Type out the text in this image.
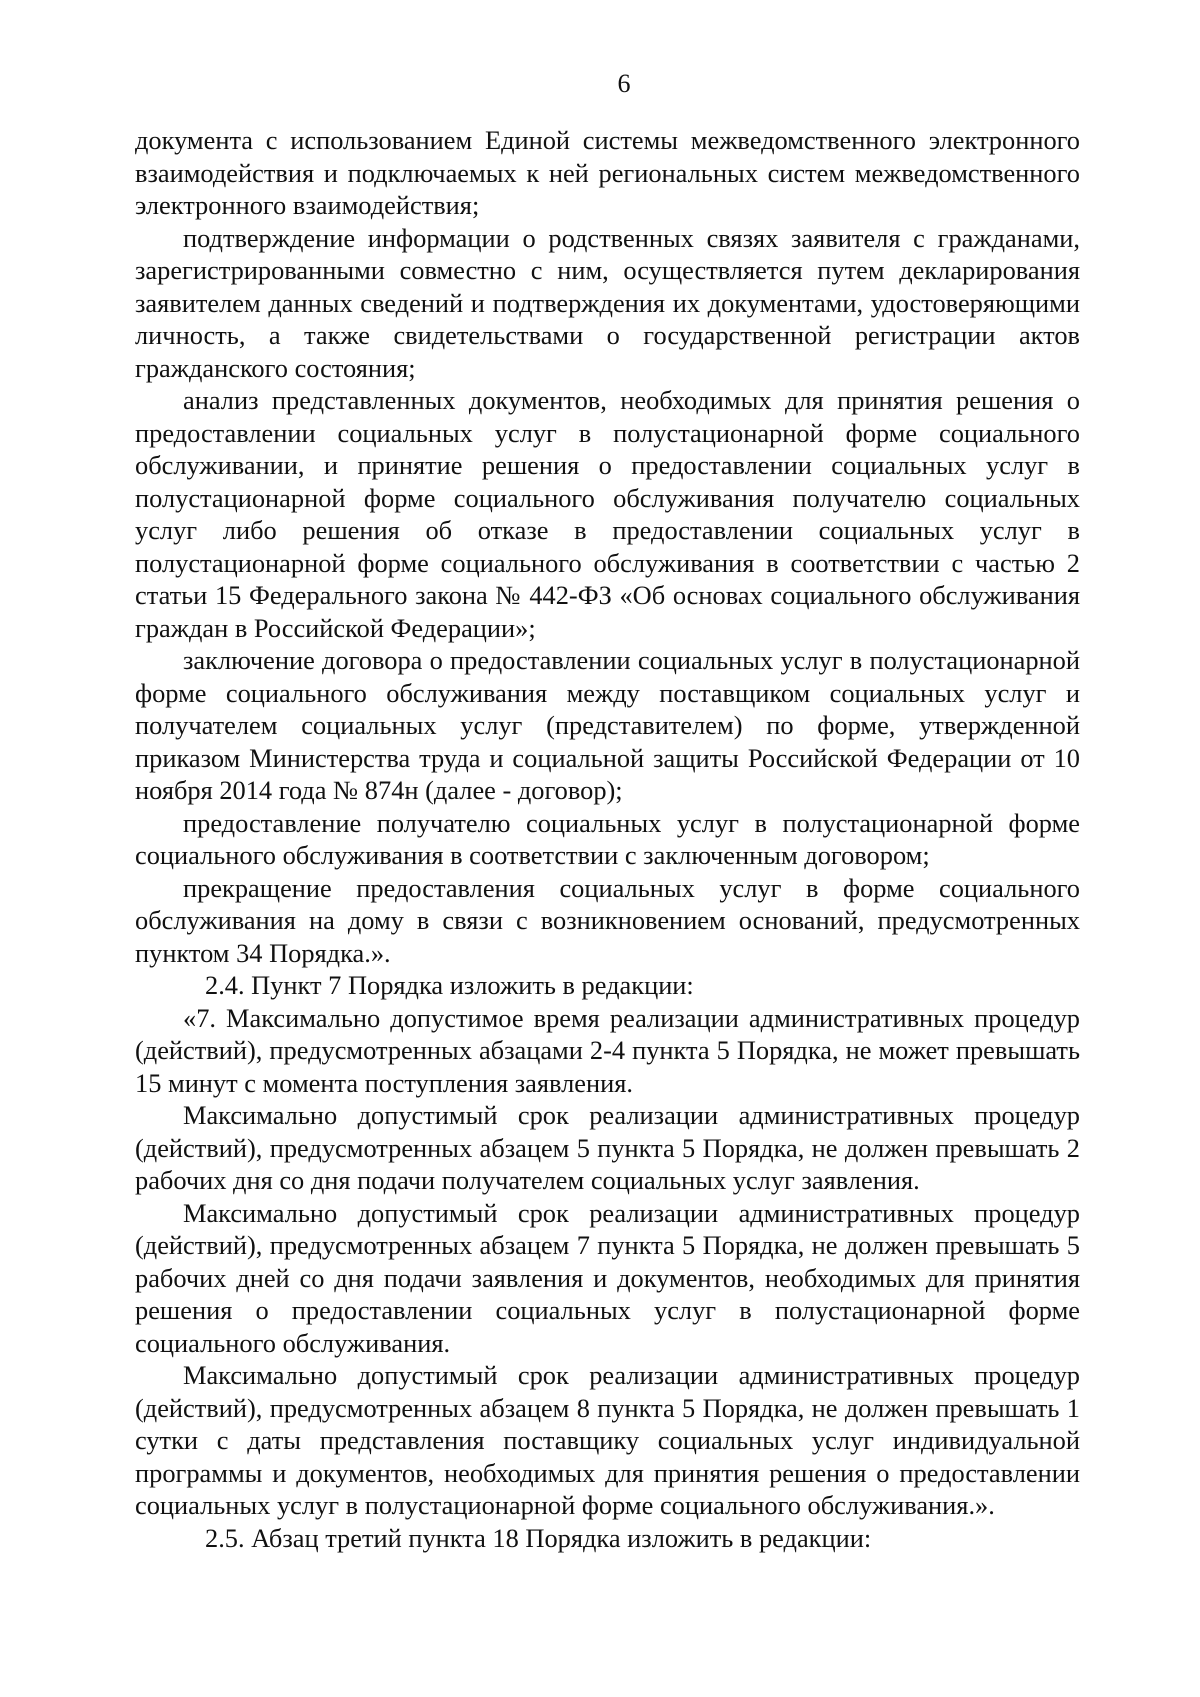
6

документа с использованием Единой системы межведомственного электронного взаимодействия и подключаемых к ней региональных систем межведомственного электронного взаимодействия;

подтверждение информации о родственных связях заявителя с гражданами, зарегистрированными совместно с ним, осуществляется путем декларирования заявителем данных сведений и подтверждения их документами, удостоверяющими личность, а также свидетельствами о государственной регистрации актов гражданского состояния;

анализ представленных документов, необходимых для принятия решения о предоставлении социальных услуг в полустационарной форме социального обслуживании, и принятие решения о предоставлении социальных услуг в полустационарной форме социального обслуживания получателю социальных услуг либо решения об отказе в предоставлении социальных услуг в полустационарной форме социального обслуживания в соответствии с частью 2 статьи 15 Федерального закона № 442-ФЗ «Об основах социального обслуживания граждан в Российской Федерации»;

заключение договора о предоставлении социальных услуг в полустационарной форме социального обслуживания между поставщиком социальных услуг и получателем социальных услуг (представителем) по форме, утвержденной приказом Министерства труда и социальной защиты Российской Федерации от 10 ноября 2014 года № 874н (далее - договор);

предоставление получателю социальных услуг в полустационарной форме социального обслуживания в соответствии с заключенным договором;

прекращение предоставления социальных услуг в форме социального обслуживания на дому в связи с возникновением оснований, предусмотренных пунктом 34 Порядка.».

2.4. Пункт 7 Порядка изложить в редакции:

«7. Максимально допустимое время реализации административных процедур (действий), предусмотренных абзацами 2-4 пункта 5 Порядка, не может превышать 15 минут с момента поступления заявления.

Максимально допустимый срок реализации административных процедур (действий), предусмотренных абзацем 5 пункта 5 Порядка, не должен превышать 2 рабочих дня со дня подачи получателем социальных услуг заявления.

Максимально допустимый срок реализации административных процедур (действий), предусмотренных абзацем 7 пункта 5 Порядка, не должен превышать 5 рабочих дней со дня подачи заявления и документов, необходимых для принятия решения о предоставлении социальных услуг в полустационарной форме социального обслуживания.

Максимально допустимый срок реализации административных процедур (действий), предусмотренных абзацем 8 пункта 5 Порядка, не должен превышать 1 сутки с даты представления поставщику социальных услуг индивидуальной программы и документов, необходимых для принятия решения о предоставлении социальных услуг в полустационарной форме социального обслуживания.».

2.5. Абзац третий пункта 18 Порядка изложить в редакции:
